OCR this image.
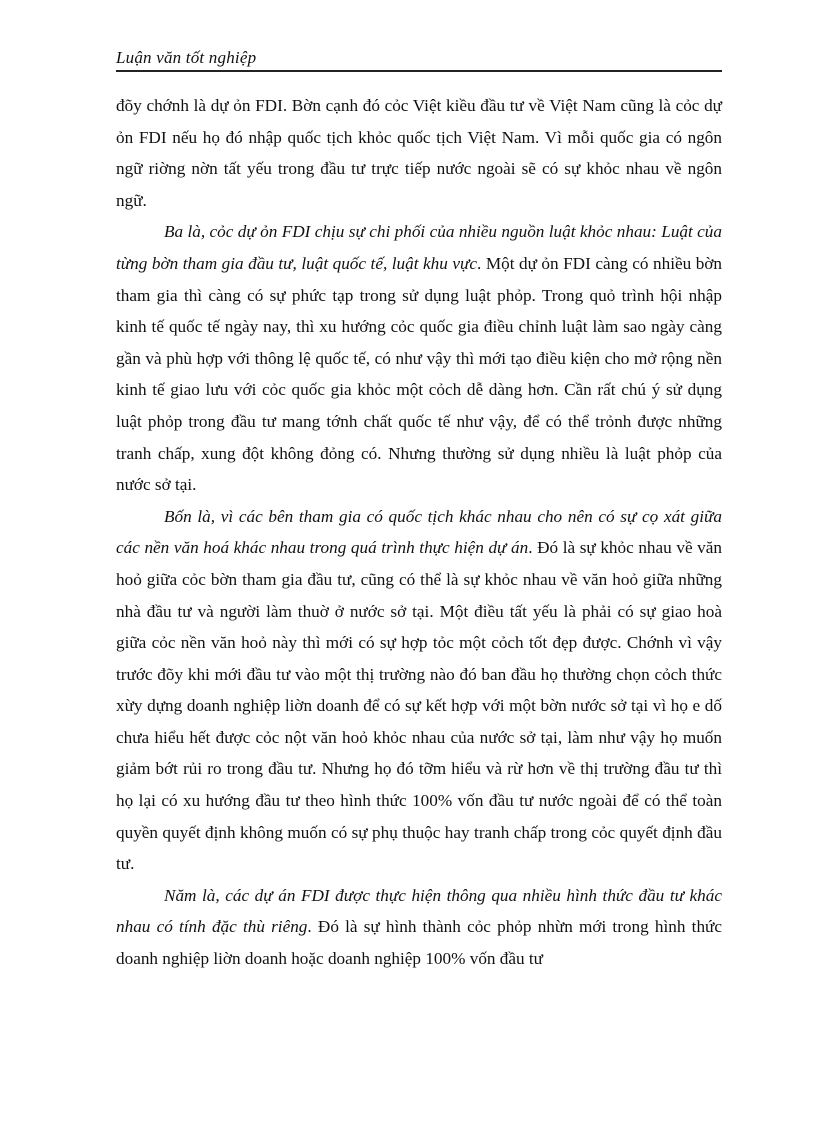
Luận văn tốt nghiệp

đõy chớnh là dự ỏn FDI. Bờn cạnh đó cỏc Việt kiều đầu tư về Việt Nam cũng là cỏc dự ỏn FDI nếu họ đó nhập quốc tịch khỏc quốc tịch Việt Nam. Vì mỗi quốc gia có ngôn ngữ riờng nờn tất yếu trong đầu tư trực tiếp nước ngoài sẽ có sự khỏc nhau về ngôn ngữ.

Ba là, cỏc dự ỏn FDI chịu sự chi phối của nhiều nguồn luật khỏc nhau: Luật của từng bờn tham gia đầu tư, luật quốc tế, luật khu vực. Một dự ỏn FDI càng có nhiều bờn tham gia thì càng có sự phức tạp trong sử dụng luật phỏp. Trong quỏ trình hội nhập kinh tế quốc tế ngày nay, thì xu hướng cỏc quốc gia điều chỉnh luật làm sao ngày càng gần và phù hợp với thông lệ quốc tế, có như vậy thì mới tạo điều kiện cho mở rộng nền kinh tế giao lưu với cỏc quốc gia khỏc một cỏch dễ dàng hơn. Cần rất chú ý sử dụng luật phỏp trong đầu tư mang tớnh chất quốc tế như vậy, để có thể trỏnh được những tranh chấp, xung đột không đỏng có. Nhưng thường sử dụng nhiều là luật phỏp của nước sở tại.

Bốn là, vì các bên tham gia có quốc tịch khác nhau cho nên có sự cọ xát giữa các nền văn hoá khác nhau trong quá trình thực hiện dự án. Đó là sự khỏc nhau về văn hoỏ giữa cỏc bờn tham gia đầu tư, cũng có thể là sự khỏc nhau về văn hoỏ giữa những nhà đầu tư và người làm thuờ ở nước sở tại. Một điều tất yếu là phải có sự giao hoà giữa cỏc nền văn hoỏ này thì mới có sự hợp tỏc một cỏch tốt đẹp được. Chớnh vì vậy trước đõy khi mới đầu tư vào một thị trường nào đó ban đầu họ thường chọn cỏch thức xừy dựng doanh nghiệp liờn doanh để có sự kết hợp với một bờn nước sở tại vì họ e dố chưa hiểu hết được cỏc nột văn hoỏ khỏc nhau của nước sở tại, làm như vậy họ muốn giảm bớt rủi ro trong đầu tư. Nhưng họ đó tỡm hiểu và rừ hơn về thị trường đầu tư thì họ lại có xu hướng đầu tư theo hình thức 100% vốn đầu tư nước ngoài để có thể toàn quyền quyết định không muốn có sự phụ thuộc hay tranh chấp trong cỏc quyết định đầu tư.

Năm là, các dự án FDI được thực hiện thông qua nhiều hình thức đầu tư khác nhau có tính đặc thù riêng. Đó là sự hình thành cỏc phỏp nhừn mới trong hình thức doanh nghiệp liờn doanh hoặc doanh nghiệp 100% vốn đầu tư
